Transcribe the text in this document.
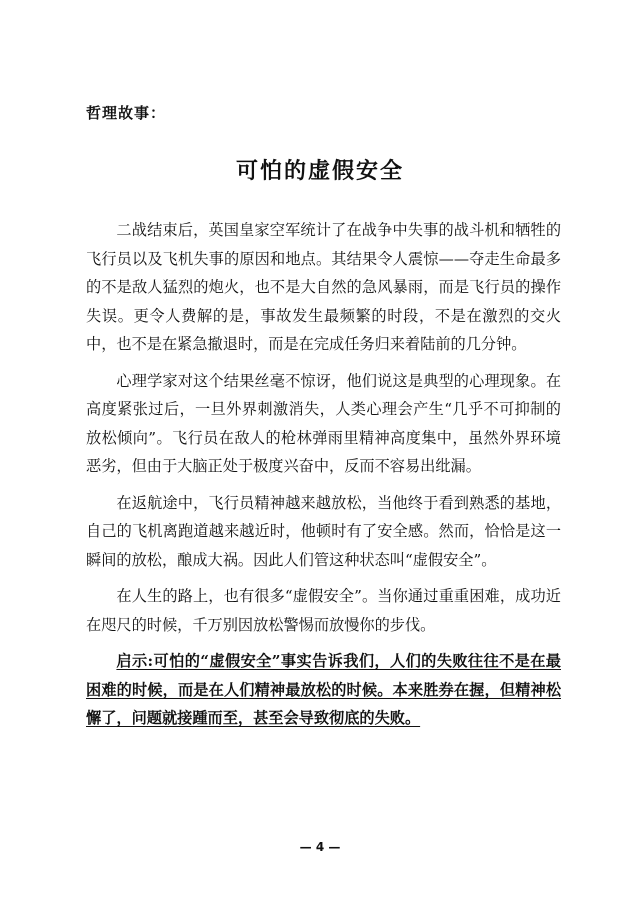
哲理故事：
可怕的虚假安全

二战结束后，英国皇家空军统计了在战争中失事的战斗机和牺牲的飞行员以及飞机失事的原因和地点。其结果令人震惊——夺走生命最多的不是敌人猛烈的炮火，也不是大自然的急风暴雨，而是飞行员的操作失误。更令人费解的是，事故发生最频繁的时段，不是在激烈的交火中，也不是在紧急撤退时，而是在完成任务归来着陆前的几分钟。

心理学家对这个结果丝毫不惊讶，他们说这是典型的心理现象。在高度紧张过后，一旦外界刺激消失，人类心理会产生“几乎不可抑制的放松倾向”。飞行员在敌人的枪林弹雨里精神高度集中，虽然外界环境恶劣，但由于大脑正处于极度兴奋中，反而不容易出纰漏。

在返航途中，飞行员精神越来越放松，当他终于看到熟悉的基地，自己的飞机离跑道越来越近时，他顿时有了安全感。然而，恰恰是这一瞬间的放松，酿成大祸。因此人们管这种状态叫“虚假安全”。

在人生的路上，也有很多“虚假安全”。当你通过重重困难，成功近在咫尺的时候，千万别因放松警惕而放慢你的步伐。

启示:可怕的“虚假安全”事实告诉我们，人们的失败往往不是在最困难的时候，而是在人们精神最放松的时候。本来胜券在握，但精神松懈了，问题就接踵而至，甚至会导致彻底的失败。

— 4 —
